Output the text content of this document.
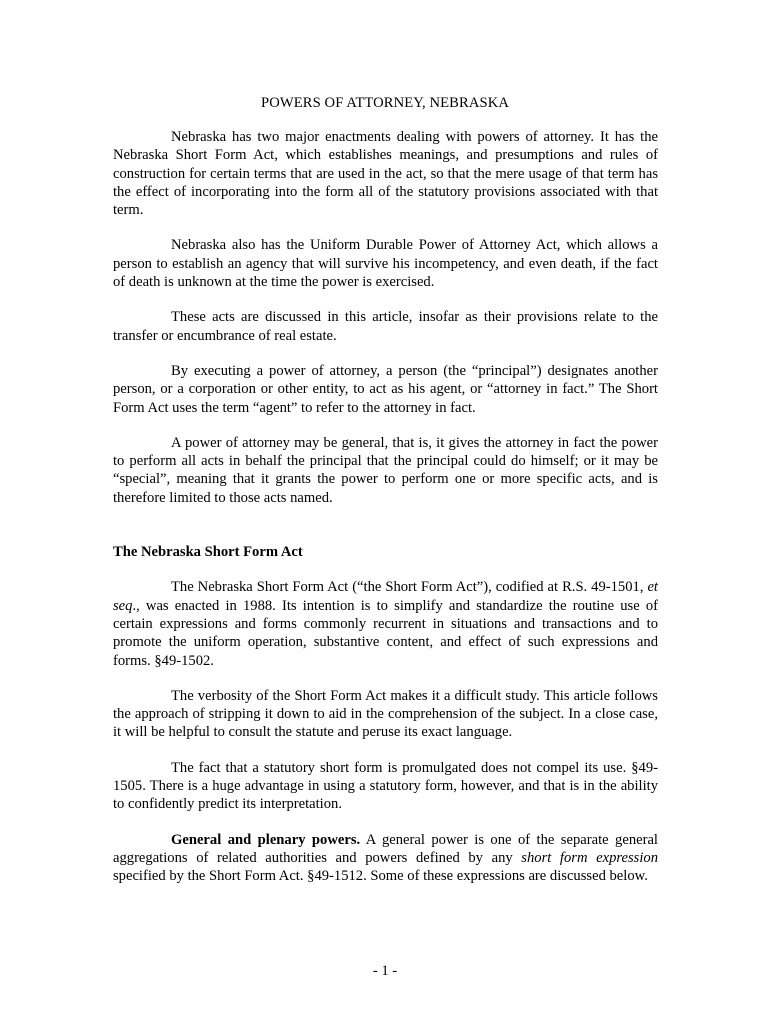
POWERS OF ATTORNEY, NEBRASKA

Nebraska has two major enactments dealing with powers of attorney. It has the Nebraska Short Form Act, which establishes meanings, and presumptions and rules of construction for certain terms that are used in the act, so that the mere usage of that term has the effect of incorporating into the form all of the statutory provisions associated with that term.

Nebraska also has the Uniform Durable Power of Attorney Act, which allows a person to establish an agency that will survive his incompetency, and even death, if the fact of death is unknown at the time the power is exercised.

These acts are discussed in this article, insofar as their provisions relate to the transfer or encumbrance of real estate.

By executing a power of attorney, a person (the “principal”) designates another person, or a corporation or other entity, to act as his agent, or “attorney in fact.” The Short Form Act uses the term “agent” to refer to the attorney in fact.

A power of attorney may be general, that is, it gives the attorney in fact the power to perform all acts in behalf the principal that the principal could do himself; or it may be “special”, meaning that it grants the power to perform one or more specific acts, and is therefore limited to those acts named.

The Nebraska Short Form Act

The Nebraska Short Form Act (“the Short Form Act”), codified at R.S. 49-1501, et seq., was enacted in 1988. Its intention is to simplify and standardize the routine use of certain expressions and forms commonly recurrent in situations and transactions and to promote the uniform operation, substantive content, and effect of such expressions and forms. §49-1502.

The verbosity of the Short Form Act makes it a difficult study. This article follows the approach of stripping it down to aid in the comprehension of the subject. In a close case, it will be helpful to consult the statute and peruse its exact language.

The fact that a statutory short form is promulgated does not compel its use. §49-1505. There is a huge advantage in using a statutory form, however, and that is in the ability to confidently predict its interpretation.

General and plenary powers. A general power is one of the separate general aggregations of related authorities and powers defined by any short form expression specified by the Short Form Act. §49-1512. Some of these expressions are discussed below.

- 1 -
